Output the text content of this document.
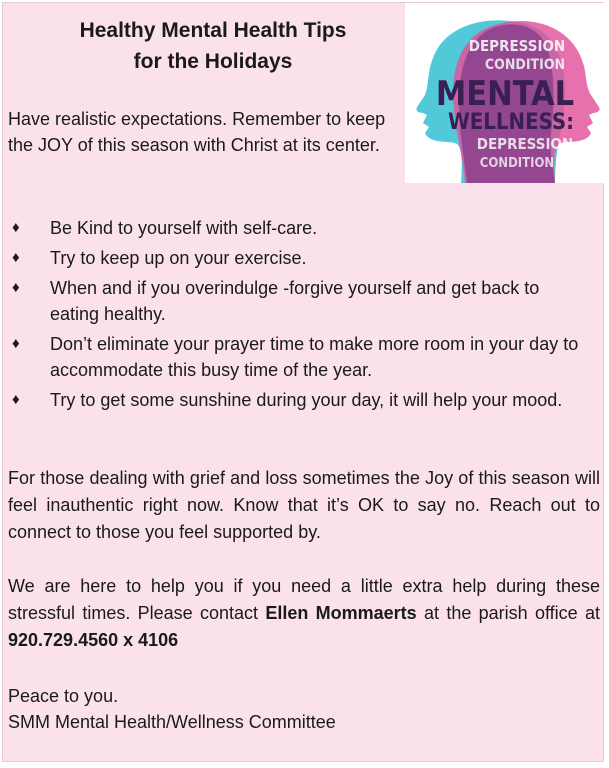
Healthy Mental Health Tips
for the Holidays
DEPRESSION
CONDITION
MENTAL
WELLNESS:
DEPRESSION
CONDITION

Have realistic expectations. Remember to keep the JOY of this season with Christ at its center.

♦ Be Kind to yourself with self-care.
♦ Try to keep up on your exercise.
♦ When and if you overindulge -forgive yourself and get back to eating healthy.
♦ Don’t eliminate your prayer time to make more room in your day to accommodate this busy time of the year.
♦ Try to get some sunshine during your day, it will help your mood.

For those dealing with grief and loss sometimes the Joy of this season will feel inauthentic right now. Know that it’s OK to say no. Reach out to connect to those you feel supported by.

We are here to help you if you need a little extra help during these stressful times. Please contact Ellen Mommaerts at the parish office at 920.729.4560 x 4106

Peace to you.
SMM Mental Health/Wellness Committee
